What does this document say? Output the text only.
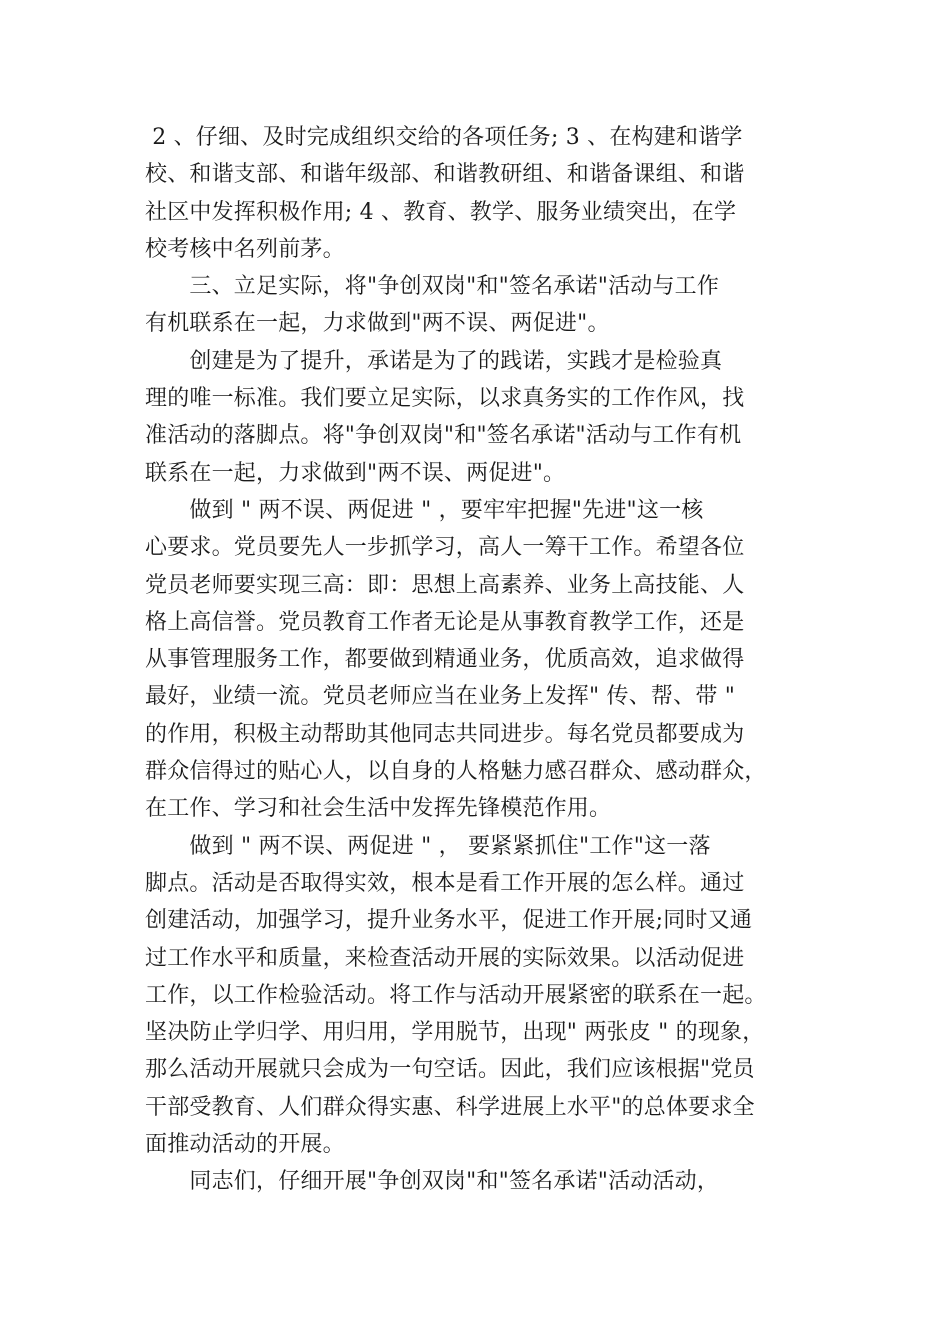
2 、仔细、及时完成组织交给的各项任务; 3 、在构建和谐学
校、和谐支部、和谐年级部、和谐教研组、和谐备课组、和谐
社区中发挥积极作用; 4 、教育、教学、服务业绩突出，在学
校考核中名列前茅。
　　三、立足实际，将"争创双岗"和"签名承诺"活动与工作
有机联系在一起，力求做到"两不误、两促进"。
　　创建是为了提升，承诺是为了的践诺，实践才是检验真
理的唯一标准。我们要立足实际，以求真务实的工作作风，找
准活动的落脚点。将"争创双岗"和"签名承诺"活动与工作有机
联系在一起，力求做到"两不误、两促进"。
　　做到 " 两不误、两促进 " ，要牢牢把握"先进"这一核
心要求。党员要先人一步抓学习，高人一筹干工作。希望各位
党员老师要实现三高：即：思想上高素养、业务上高技能、人
格上高信誉。党员教育工作者无论是从事教育教学工作，还是
从事管理服务工作，都要做到精通业务，优质高效，追求做得
最好，业绩一流。党员老师应当在业务上发挥" 传、帮、带 "
的作用，积极主动帮助其他同志共同进步。每名党员都要成为
群众信得过的贴心人，以自身的人格魅力感召群众、感动群众，
在工作、学习和社会生活中发挥先锋模范作用。
　　做到 " 两不误、两促进 " ， 要紧紧抓住"工作"这一落
脚点。活动是否取得实效，根本是看工作开展的怎么样。通过
创建活动，加强学习，提升业务水平，促进工作开展;同时又通
过工作水平和质量，来检查活动开展的实际效果。以活动促进
工作，以工作检验活动。将工作与活动开展紧密的联系在一起。
坚决防止学归学、用归用，学用脱节，出现" 两张皮 " 的现象，
那么活动开展就只会成为一句空话。因此，我们应该根据"党员
干部受教育、人们群众得实惠、科学进展上水平"的总体要求全
面推动活动的开展。
　　同志们，仔细开展"争创双岗"和"签名承诺"活动活动，
